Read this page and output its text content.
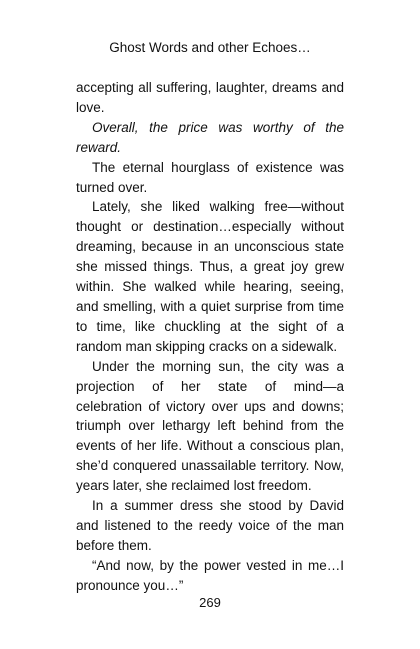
Ghost Words and other Echoes…

accepting all suffering, laughter, dreams and love.

Overall, the price was worthy of the reward.

The eternal hourglass of existence was turned over.

Lately, she liked walking free—without thought or destination…especially without dreaming, because in an unconscious state she missed things. Thus, a great joy grew within. She walked while hearing, seeing, and smelling, with a quiet surprise from time to time, like chuckling at the sight of a random man skipping cracks on a sidewalk.

Under the morning sun, the city was a projection of her state of mind—a celebration of victory over ups and downs; triumph over lethargy left behind from the events of her life. Without a conscious plan, she’d conquered unassailable territory. Now, years later, she reclaimed lost freedom.

In a summer dress she stood by David and listened to the reedy voice of the man before them.

“And now, by the power vested in me…I pronounce you…”

269
